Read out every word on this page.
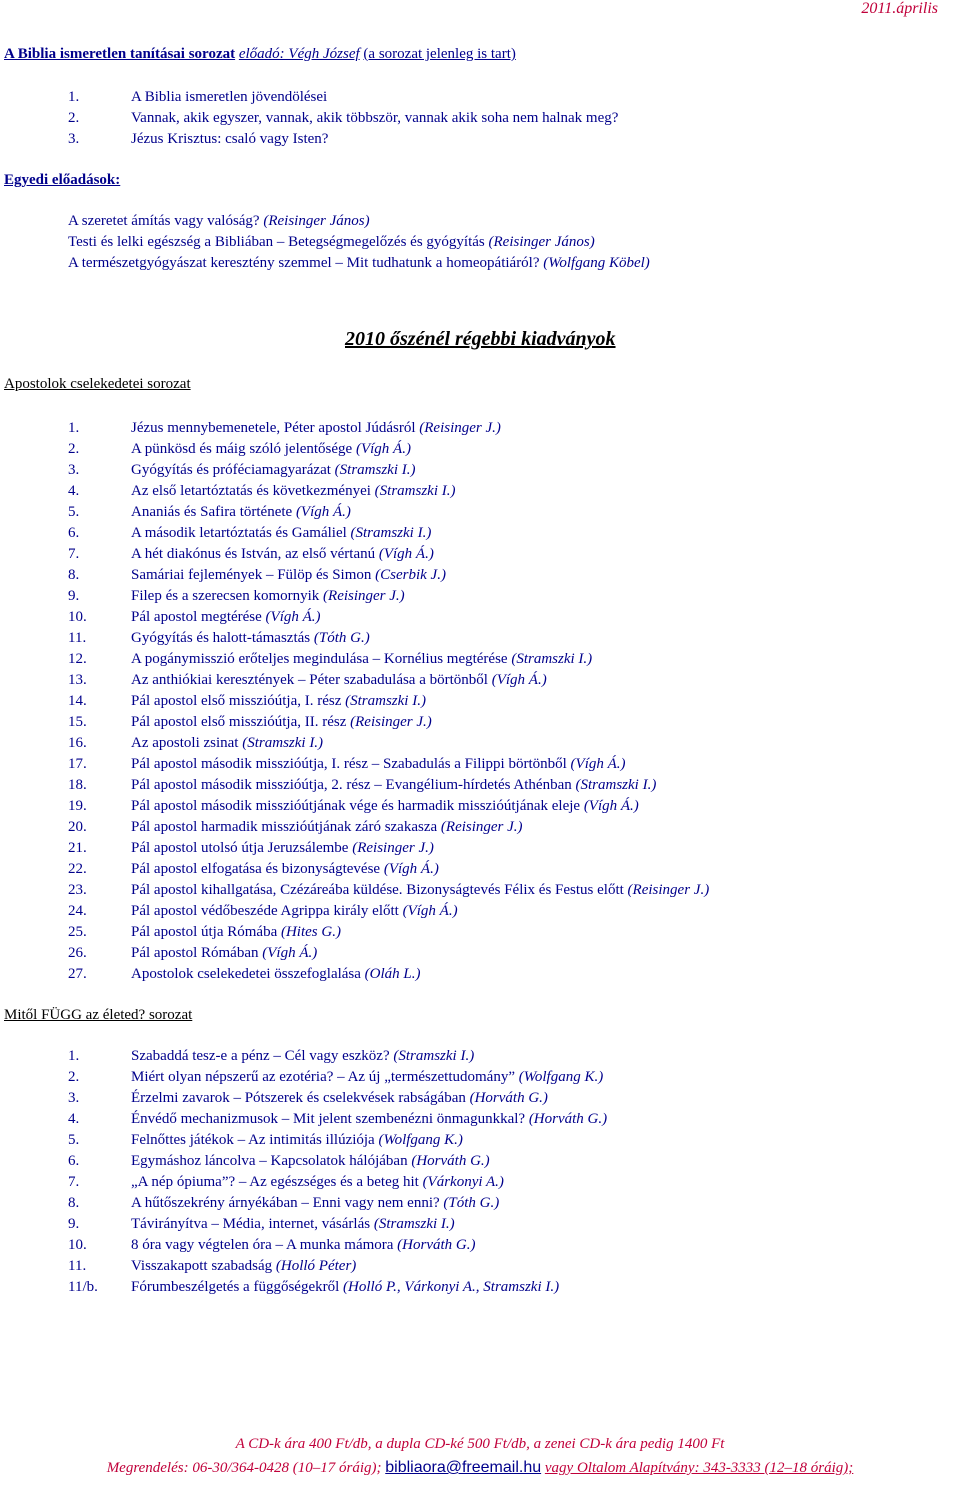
2011.április
A Biblia ismeretlen tanításai sorozat előadó: Végh József (a sorozat jelenleg is tart)
1.	A Biblia ismeretlen jövendölései
2.	Vannak, akik egyszer, vannak, akik többször, vannak akik soha nem halnak meg?
3.	Jézus Krisztus: csaló vagy Isten?
Egyedi előadások:
A szeretet ámítás vagy valóság? (Reisinger János)
Testi és lelki egészség a Bibliában – Betegségmegelőzés és gyógyítás (Reisinger János)
A természetgyógyászat keresztény szemmel – Mit tudhatunk a homeopátiáról? (Wolfgang Köbel)
2010 őszénél régebbi kiadványok
Apostolok cselekedetei sorozat
1.	Jézus mennybemenetele, Péter apostol Júdásról (Reisinger J.)
2.	A pünkösd és máig szóló jelentősége (Vígh Á.)
3.	Gyógyítás és próféciamagyarázat (Stramszki I.)
4.	Az első letartóztatás és következményei (Stramszki I.)
5.	Ananiás és Safira története (Vígh Á.)
6.	A második letartóztatás és Gamáliel (Stramszki I.)
7.	A hét diakónus és István, az első vértanú (Vígh Á.)
8.	Samáriai fejlemények – Fülöp és Simon (Cserbik J.)
9.	Filep és a szerecsen komornyik (Reisinger J.)
10.	Pál apostol megtérése (Vígh Á.)
11.	Gyógyítás és halott-támasztás (Tóth G.)
12.	A pogánymisszió erőteljes megindulása – Kornélius megtérése (Stramszki I.)
13.	Az anthiókiai keresztények – Péter szabadulása a börtönből (Vígh Á.)
14.	Pál apostol első misszióútja, I. rész (Stramszki I.)
15.	Pál apostol első misszióútja, II. rész (Reisinger J.)
16.	Az apostoli zsinat (Stramszki I.)
17.	Pál apostol második misszióútja, I. rész – Szabadulás a Filippi börtönből (Vígh Á.)
18.	Pál apostol második misszióútja, 2. rész – Evangélium-hírdetés Athénban (Stramszki I.)
19.	Pál apostol második misszióútjának vége és harmadik misszióútjának eleje (Vígh Á.)
20.	Pál apostol harmadik misszióútjának záró szakasza (Reisinger J.)
21.	Pál apostol utolsó útja Jeruzsálembe (Reisinger J.)
22.	Pál apostol elfogatása és bizonyságtevése (Vígh Á.)
23.	Pál apostol kihallgatása, Czézáreába küldése. Bizonyságtevés Félix és Festus előtt (Reisinger J.)
24.	Pál apostol védőbeszéde Agrippa király előtt (Vígh Á.)
25.	Pál apostol útja Rómába (Hites G.)
26.	Pál apostol Rómában (Vígh Á.)
27.	Apostolok cselekedetei összefoglalása (Oláh L.)
Mitől FÜGG az életed? sorozat
1.	Szabaddá tesz-e a pénz – Cél vagy eszköz? (Stramszki I.)
2.	Miért olyan népszerű az ezotéria? – Az új „természettudomány” (Wolfgang K.)
3.	Érzelmi zavarok – Pótszerek és cselekvések rabságában (Horváth G.)
4.	Énvédő mechanizmusok – Mit jelent szembenézni önmagunkkal? (Horváth G.)
5.	Felnőttes játékok – Az intimitás illúziója (Wolfgang K.)
6.	Egymáshoz láncolva – Kapcsolatok hálójában (Horváth G.)
7.	„A nép ópiuma”? – Az egészséges és a beteg hit (Várkonyi A.)
8.	A hűtőszekrény árnyékában – Enni vagy nem enni? (Tóth G.)
9.	Távirányítva – Média, internet, vásárlás (Stramszki I.)
10.	8 óra vagy végtelen óra – A munka mámora (Horváth G.)
11.	Visszakapott szabadság (Holló Péter)
11/b. Fórumbeszélgetés a függőségekről (Holló P., Várkonyi A., Stramszki I.)
A CD-k ára 400 Ft/db, a dupla CD-ké 500 Ft/db, a zenei CD-k ára pedig 1400 Ft
Megrendelés: 06-30/364-0428 (10–17 óráig); bibliaora@freemail.hu vagy Oltalom Alapítvány: 343-3333 (12–18 óráig);
